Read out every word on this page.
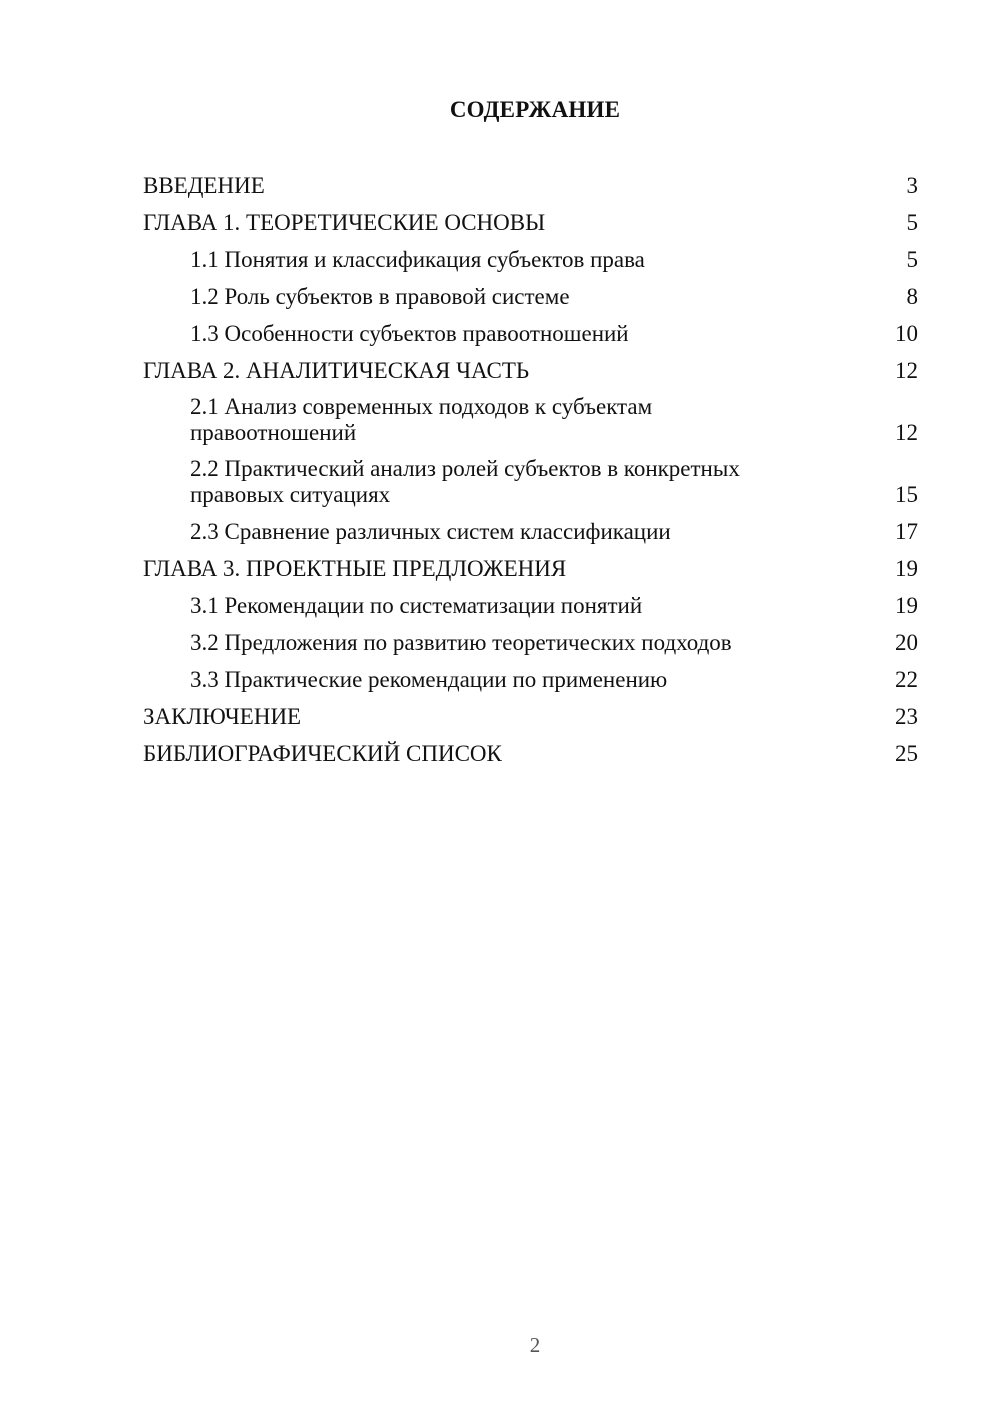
СОДЕРЖАНИЕ
ВВЕДЕНИЕ	3
ГЛАВА 1. ТЕОРЕТИЧЕСКИЕ ОСНОВЫ	5
1.1 Понятия и классификация субъектов права	5
1.2 Роль субъектов в правовой системе	8
1.3 Особенности субъектов правоотношений	10
ГЛАВА 2. АНАЛИТИЧЕСКАЯ ЧАСТЬ	12
2.1 Анализ современных подходов к субъектам правоотношений	12
2.2 Практический анализ ролей субъектов в конкретных правовых ситуациях	15
2.3 Сравнение различных систем классификации	17
ГЛАВА 3. ПРОЕКТНЫЕ ПРЕДЛОЖЕНИЯ	19
3.1 Рекомендации по систематизации понятий	19
3.2 Предложения по развитию теоретических подходов	20
3.3 Практические рекомендации по применению	22
ЗАКЛЮЧЕНИЕ	23
БИБЛИОГРАФИЧЕСКИЙ СПИСОК	25
2
